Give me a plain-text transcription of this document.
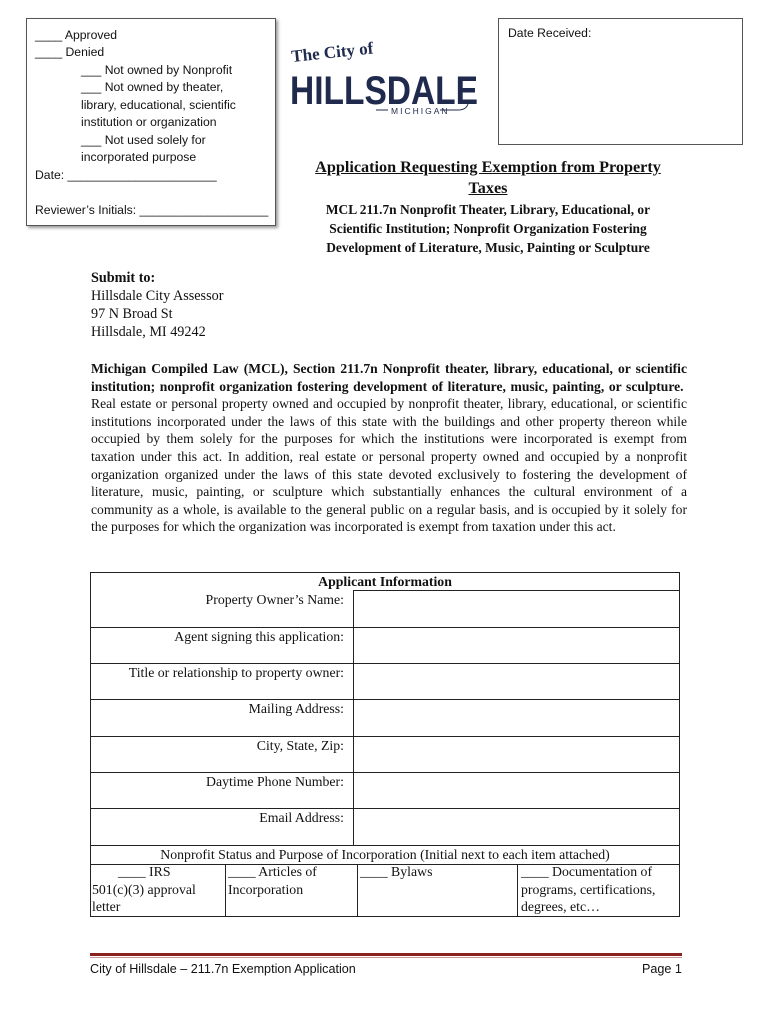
____ Approved
____ Denied
___ Not owned by Nonprofit
___ Not owned by theater,
library, educational, scientific
institution or organization
___ Not used solely for
incorporated purpose
Date: ______________________
Reviewer’s Initials: ___________________
Date Received:
The City of
HILLSDALE
MICHIGAN
Application Requesting Exemption from Property
Taxes
MCL 211.7n Nonprofit Theater, Library, Educational, or
Scientific Institution; Nonprofit Organization Fostering
Development of Literature, Music, Painting or Sculpture
Submit to:
Hillsdale City Assessor
97 N Broad St
Hillsdale, MI 49242
Michigan Compiled Law (MCL), Section 211.7n Nonprofit theater, library, educational, or scientific institution; nonprofit organization fostering development of literature, music, painting, or sculpture.  Real estate or personal property owned and occupied by nonprofit theater, library, educational, or scientific institutions incorporated under the laws of this state with the buildings and other property thereon while occupied by them solely for the purposes for which the institutions were incorporated is exempt from taxation under this act. In addition, real estate or personal property owned and occupied by a nonprofit organization organized under the laws of this state devoted exclusively to fostering the development of literature, music, painting, or sculpture which substantially enhances the cultural environment of a community as a whole, is available to the general public on a regular basis, and is occupied by it solely for the purposes for which the organization was incorporated is exempt from taxation under this act.
Applicant Information
Property Owner’s Name:
Agent signing this application:
Title or relationship to property owner:
Mailing Address:
City, State, Zip:
Daytime Phone Number:
Email Address:
Nonprofit Status and Purpose of Incorporation (Initial next to each item attached)
____ IRS
501(c)(3) approval
letter
____ Articles of
Incorporation
____ Bylaws	____ Documentation of
programs, certifications,
degrees, etc…
City of Hillsdale – 211.7n Exemption Application	Page 1
